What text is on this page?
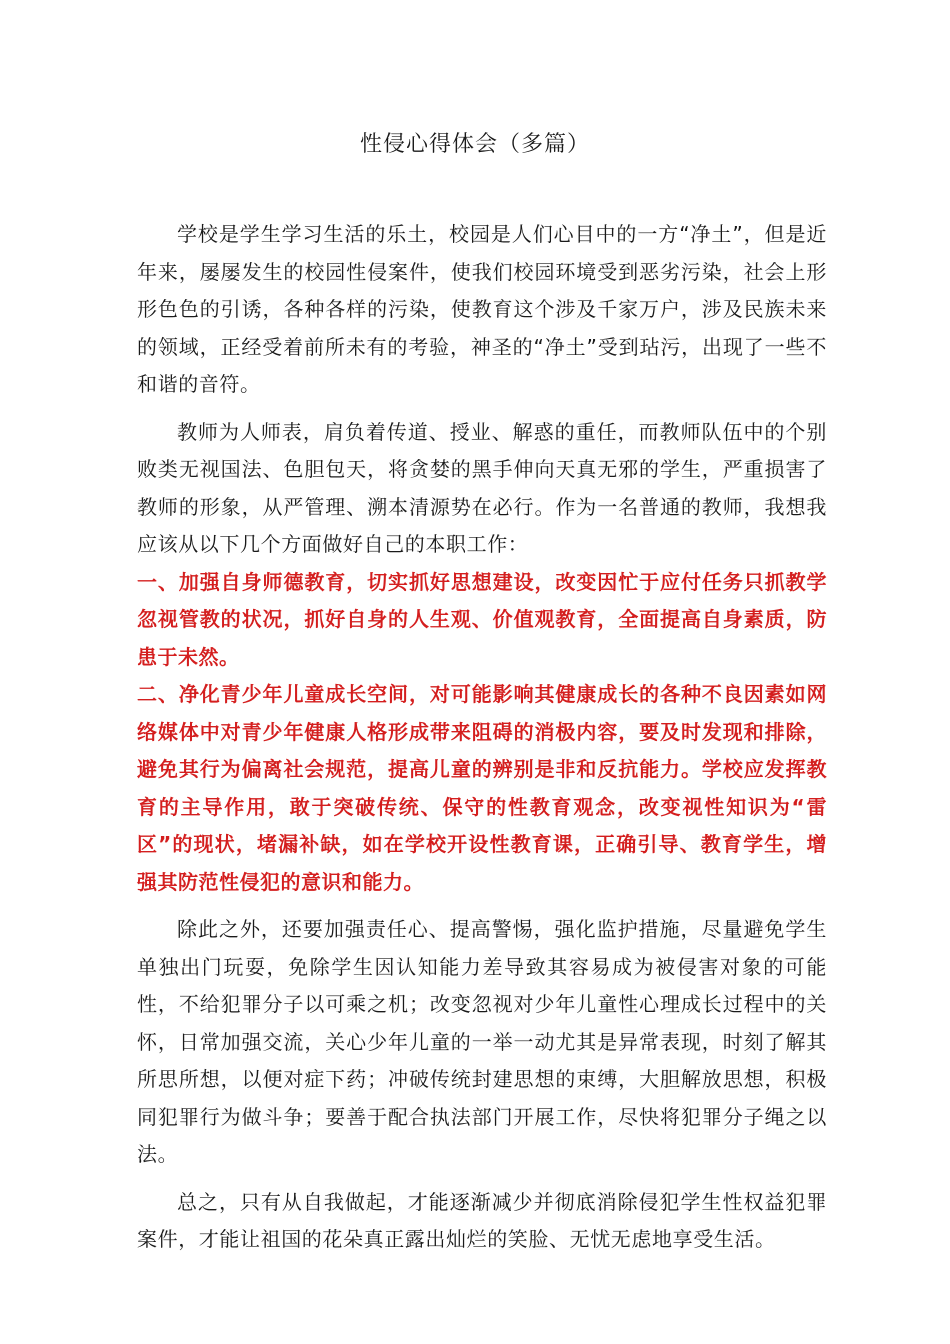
性侵心得体会（多篇）

学校是学生学习生活的乐土，校园是人们心目中的一方“净土”，但是近年来，屡屡发生的校园性侵案件，使我们校园环境受到恶劣污染，社会上形形色色的引诱，各种各样的污染，使教育这个涉及千家万户，涉及民族未来的领域，正经受着前所未有的考验，神圣的“净土”受到玷污，出现了一些不和谐的音符。

教师为人师表，肩负着传道、授业、解惑的重任，而教师队伍中的个别败类无视国法、色胆包天，将贪婪的黑手伸向天真无邪的学生，严重损害了教师的形象，从严管理、溯本清源势在必行。作为一名普通的教师，我想我应该从以下几个方面做好自己的本职工作：

一、加强自身师德教育，切实抓好思想建设，改变因忙于应付任务只抓教学忽视管教的状况，抓好自身的人生观、价值观教育，全面提高自身素质，防患于未然。

二、净化青少年儿童成长空间，对可能影响其健康成长的各种不良因素如网络媒体中对青少年健康人格形成带来阻碍的消极内容，要及时发现和排除，避免其行为偏离社会规范，提高儿童的辨别是非和反抗能力。学校应发挥教育的主导作用，敢于突破传统、保守的性教育观念，改变视性知识为“雷区”的现状，堵漏补缺，如在学校开设性教育课，正确引导、教育学生，增强其防范性侵犯的意识和能力。

除此之外，还要加强责任心、提高警惕，强化监护措施，尽量避免学生单独出门玩耍，免除学生因认知能力差导致其容易成为被侵害对象的可能性，不给犯罪分子以可乘之机；改变忽视对少年儿童性心理成长过程中的关怀，日常加强交流，关心少年儿童的一举一动尤其是异常表现，时刻了解其所思所想，以便对症下药；冲破传统封建思想的束缚，大胆解放思想，积极同犯罪行为做斗争；要善于配合执法部门开展工作，尽快将犯罪分子绳之以法。

总之，只有从自我做起，才能逐渐减少并彻底消除侵犯学生性权益犯罪案件，才能让祖国的花朵真正露出灿烂的笑脸、无忧无虑地享受生活。
